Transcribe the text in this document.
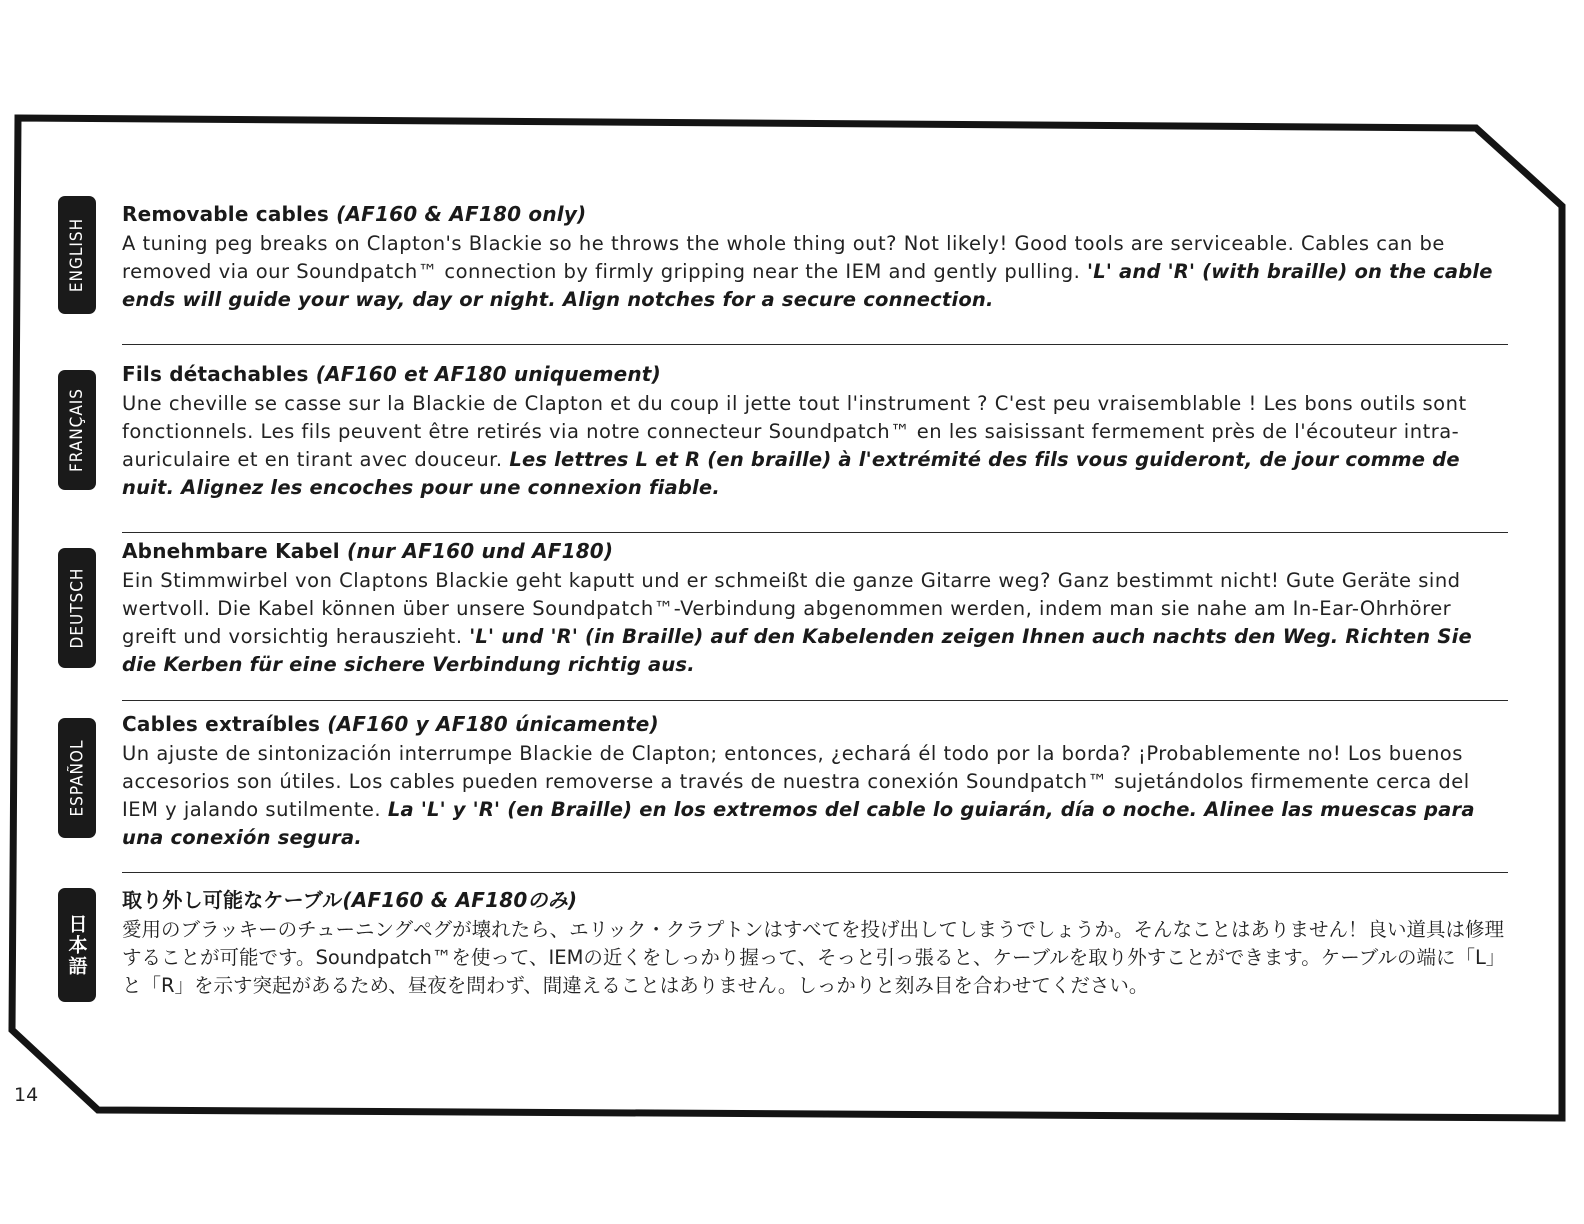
ENGLISH

Removable cables (AF160 & AF180 only)

A tuning peg breaks on Clapton's Blackie so he throws the whole thing out? Not likely! Good tools are serviceable. Cables can be removed via our Soundpatch™ connection by firmly gripping near the IEM and gently pulling. 'L' and 'R' (with braille) on the cable ends will guide your way, day or night. Align notches for a secure connection.

FRANÇAIS

Fils détachables (AF160 et AF180 uniquement)

Une cheville se casse sur la Blackie de Clapton et du coup il jette tout l'instrument ? C'est peu vraisemblable ! Les bons outils sont fonctionnels. Les fils peuvent être retirés via notre connecteur Soundpatch™ en les saisissant fermement près de l'écouteur intra-auriculaire et en tirant avec douceur. Les lettres L et R (en braille) à l'extrémité des fils vous guideront, de jour comme de nuit. Alignez les encoches pour une connexion fiable.

DEUTSCH

Abnehmbare Kabel (nur AF160 und AF180)

Ein Stimmwirbel von Claptons Blackie geht kaputt und er schmeißt die ganze Gitarre weg? Ganz bestimmt nicht! Gute Geräte sind wertvoll. Die Kabel können über unsere Soundpatch™-Verbindung abgenommen werden, indem man sie nahe am In-Ear-Ohrhörer greift und vorsichtig herauszieht. 'L' und 'R' (in Braille) auf den Kabelenden zeigen Ihnen auch nachts den Weg. Richten Sie die Kerben für eine sichere Verbindung richtig aus.

ESPAÑOL

Cables extraíbles (AF160 y AF180 únicamente)

Un ajuste de sintonización interrumpe Blackie de Clapton; entonces, ¿echará él todo por la borda? ¡Probablemente no! Los buenos accesorios son útiles. Los cables pueden removerse a través de nuestra conexión Soundpatch™ sujetándolos firmemente cerca del IEM y jalando sutilmente. La 'L' y 'R' (en Braille) en los extremos del cable lo guiarán, día o noche. Alinee las muescas para una conexión segura.

日本語

取り外し可能なケーブル(AF160 & AF180のみ)

愛用のブラッキーのチューニングペグが壊れたら、エリック・クラプトンはすべてを投げ出してしまうでしょうか。そんなことはありません！良い道具は修理することが可能です。Soundpatch™を使って、IEMの近くをしっかり握って、そっと引っ張ると、ケーブルを取り外すことができます。ケーブルの端に「L」と「R」を示す突起があるため、昼夜を問わず、間違えることはありません。しっかりと刻み目を合わせてください。

14
